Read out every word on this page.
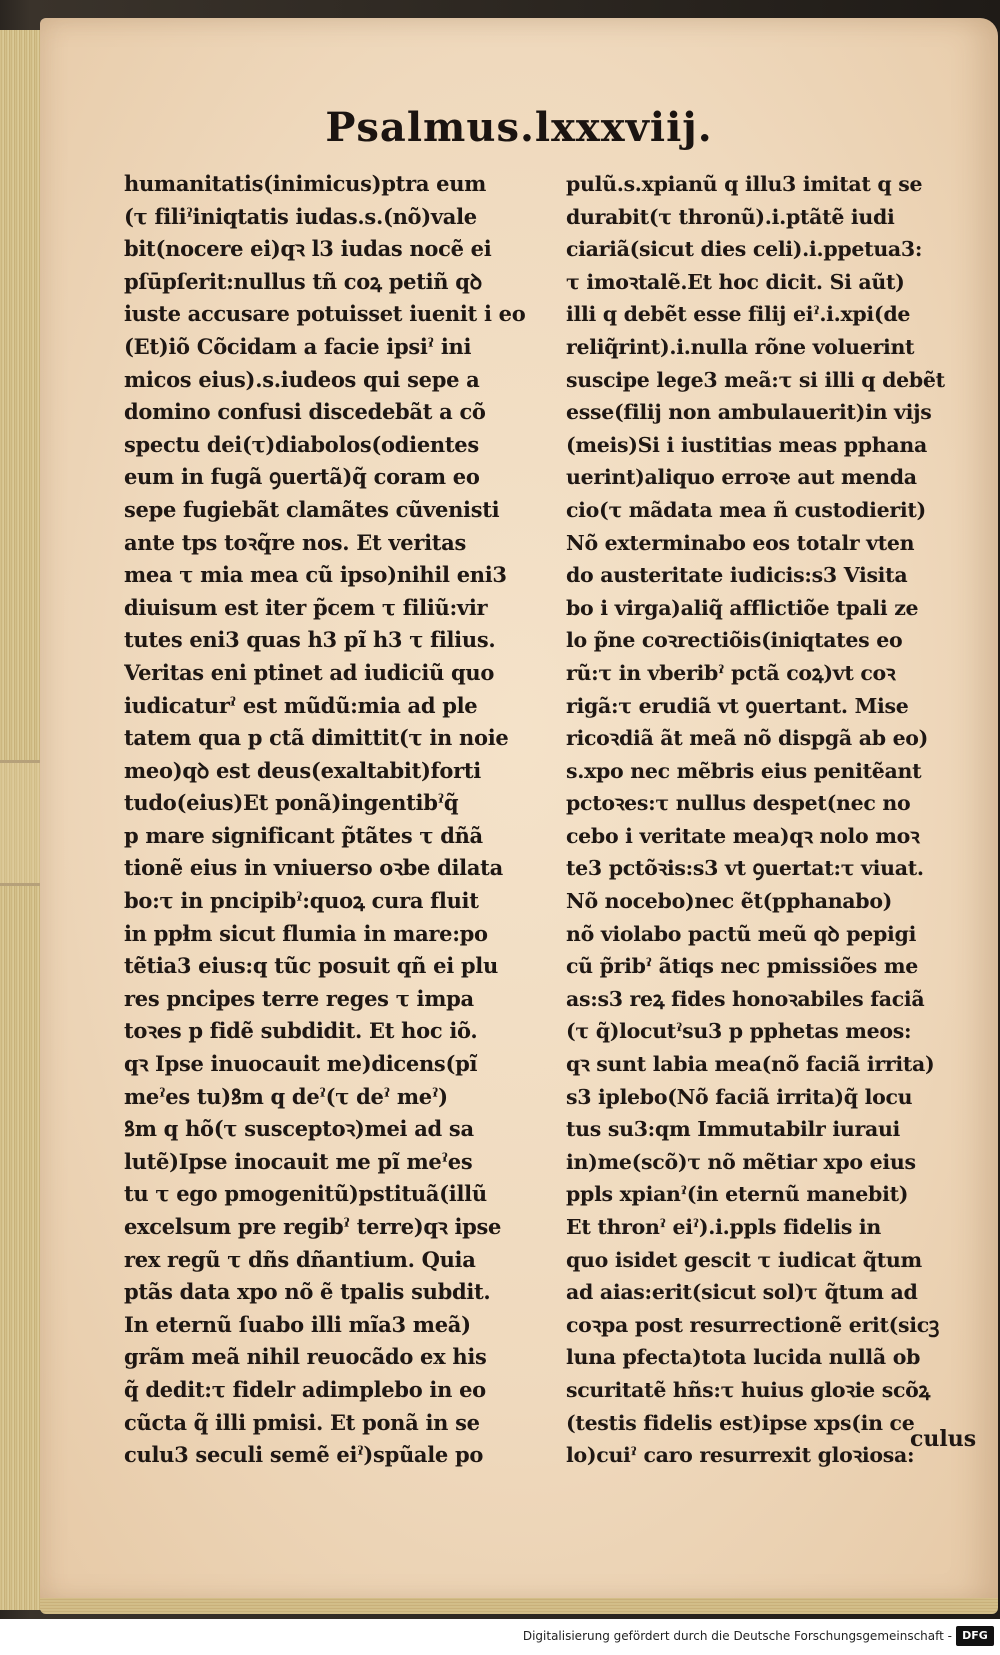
Psalmus.lxxxviij.
humanitatis(inimicus)ptra eum
(τ filiˀiniqtatis iudas.s.(nõ)vale
bit(nocere ei)qꝛ l3 iudas nocẽ ei
pſūpſerit:nullus tñ coꝝ petiñ qꝺ
iuste accusare potuisset iuenit i eo
(Et)iõ Cõcidam a facie ipsiˀ ini
micos eius).s.iudeos qui sepe a
domino confusi discedebãt a cõ
spectu dei(τ)diabolos(odientes
eum in fugã ꝯuertã)q̃ coram eo
sepe fugiebãt clamãtes cũvenisti
ante tps toꝛq̃re nos. Et veritas
mea τ mia mea cũ ipso)nihil eni3
diuisum est iter p̃cem τ filiũ:vir
tutes eni3 quas h3 pĩ h3 τ filius.
Veritas eni ptinet ad iudiciũ quo
iudicaturˀ est mũdũ:mia ad ple
tatem qua p ctã dimittit(τ in noie
meo)qꝺ est deus(exaltabit)forti
tudo(eius)Et ponã)ingentibˀq̃
p mare significant p̃tãtes τ dñã
tionẽ eius in vniuerso oꝛbe dilata
bo:τ in pncipibˀ:quoꝝ cura fluit
in ppłm sicut flumia in mare:po
tẽtia3 eius:q tũc posuit qñ ei plu
res pncipes terre reges τ impa
toꝛes p fidẽ subdidit. Et hoc iõ.
qꝛ Ipse inuocauit me)dicens(pĩ
meˀes tu)ꝸm q deˀ(τ deˀ meˀ)
ꝸm q hõ(τ susceptoꝛ)mei ad sa
lutẽ)Ipse inocauit me pĩ meˀes
tu τ ego pmogenitũ)pstituã(illũ
excelsum pre regibˀ terre)qꝛ ipse
rex regũ τ dñs dñantium. Quia
ptãs data xpo nõ ẽ tpalis subdit.
In eternũ ſuabo illi mĩa3 meã)
grãm meã nihil reuocãdo ex his
q̃ dedit:τ fidelr adimplebo in eo
cũcta q̃ illi pmisi. Et ponã in se
culu3 seculi semẽ eiˀ)spũale po
pulũ.s.xpianũ q illu3 imitat q se
durabit(τ thronũ).i.ptãtẽ iudi
ciariã(sicut dies celi).i.ppetua3:
τ imoꝛtalẽ.Et hoc dicit. Si aũt)
illi q debẽt esse filij eiˀ.i.xpi(de
reliq̃rint).i.nulla rõne voluerint
suscipe lege3 meã:τ si illi q debẽt
esse(filij non ambulauerit)in vijs
(meis)Si i iustitias meas pphana
uerint)aliquo erroꝛe aut menda
cio(τ mãdata mea ñ custodierit)
Nõ exterminabo eos totalr vten
do austeritate iudicis:s3 Visita
bo i virga)aliq̃ afflictiõe tpali ze
lo p̃ne coꝛrectiõis(iniqtates eo
rũ:τ in vberibˀ pctã coꝝ)vt coꝛ
rigã:τ erudiã vt ꝯuertant. Mise
ricoꝛdiã ãt meã nõ dispgã ab eo)
s.xpo nec mẽbris eius penitẽant
pctoꝛes:τ nullus despet(nec no
cebo i veritate mea)qꝛ nolo moꝛ
te3 pctõꝛis:s3 vt ꝯuertat:τ viuat.
Nõ nocebo)nec ẽt(pphanabo)
nõ violabo pactũ meũ qꝺ pepigi
cũ p̃ribˀ ãtiqs nec pmissiões me
as:s3 reꝝ fides honoꝛabiles faciã
(τ q̃)locutˀsu3 p pphetas meos:
qꝛ sunt labia mea(nõ faciã irrita)
s3 iplebo(Nõ faciã irrita)q̃ locu
tus su3:qm Immutabilr iuraui
in)me(scõ)τ nõ mẽtiar xpo eius
ppls xpianˀ(in eternũ manebit)
Et thronˀ eiˀ).i.ppls fidelis in
quo isidet gescit τ iudicat q̃tum
ad aias:erit(sicut sol)τ q̃tum ad
coꝛpa post resurrectionẽ erit(sicꝫ
luna pfecta)tota lucida nullã ob
scuritatẽ hñs:τ huius gloꝛie scõꝝ
(testis fidelis est)ipse xps(in ce
lo)cuiˀ caro resurrexit gloꝛiosa:
culus
Digitalisierung gefördert durch die Deutsche Forschungsgemeinschaft - DFG
